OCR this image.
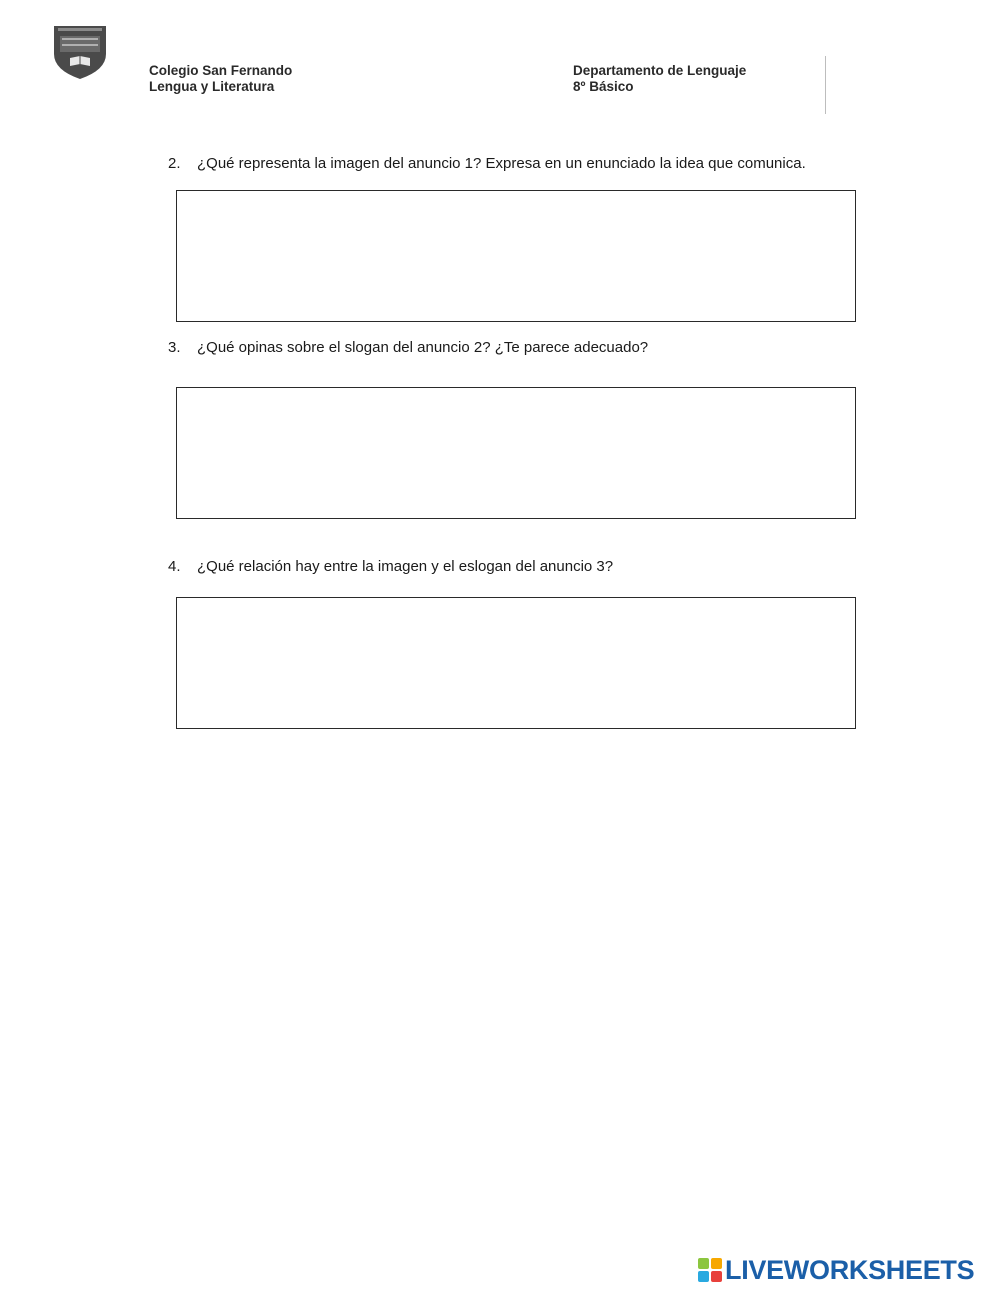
Colegio San Fernando
Lengua y Literatura
Departamento de Lenguaje
8º Básico
2. ¿Qué representa la imagen del anuncio 1? Expresa en un enunciado la idea que comunica.
3. ¿Qué opinas sobre el slogan del anuncio 2? ¿Te parece adecuado?
4. ¿Qué relación hay entre la imagen y el eslogan del anuncio 3?
LIVEWORKSHEETS
